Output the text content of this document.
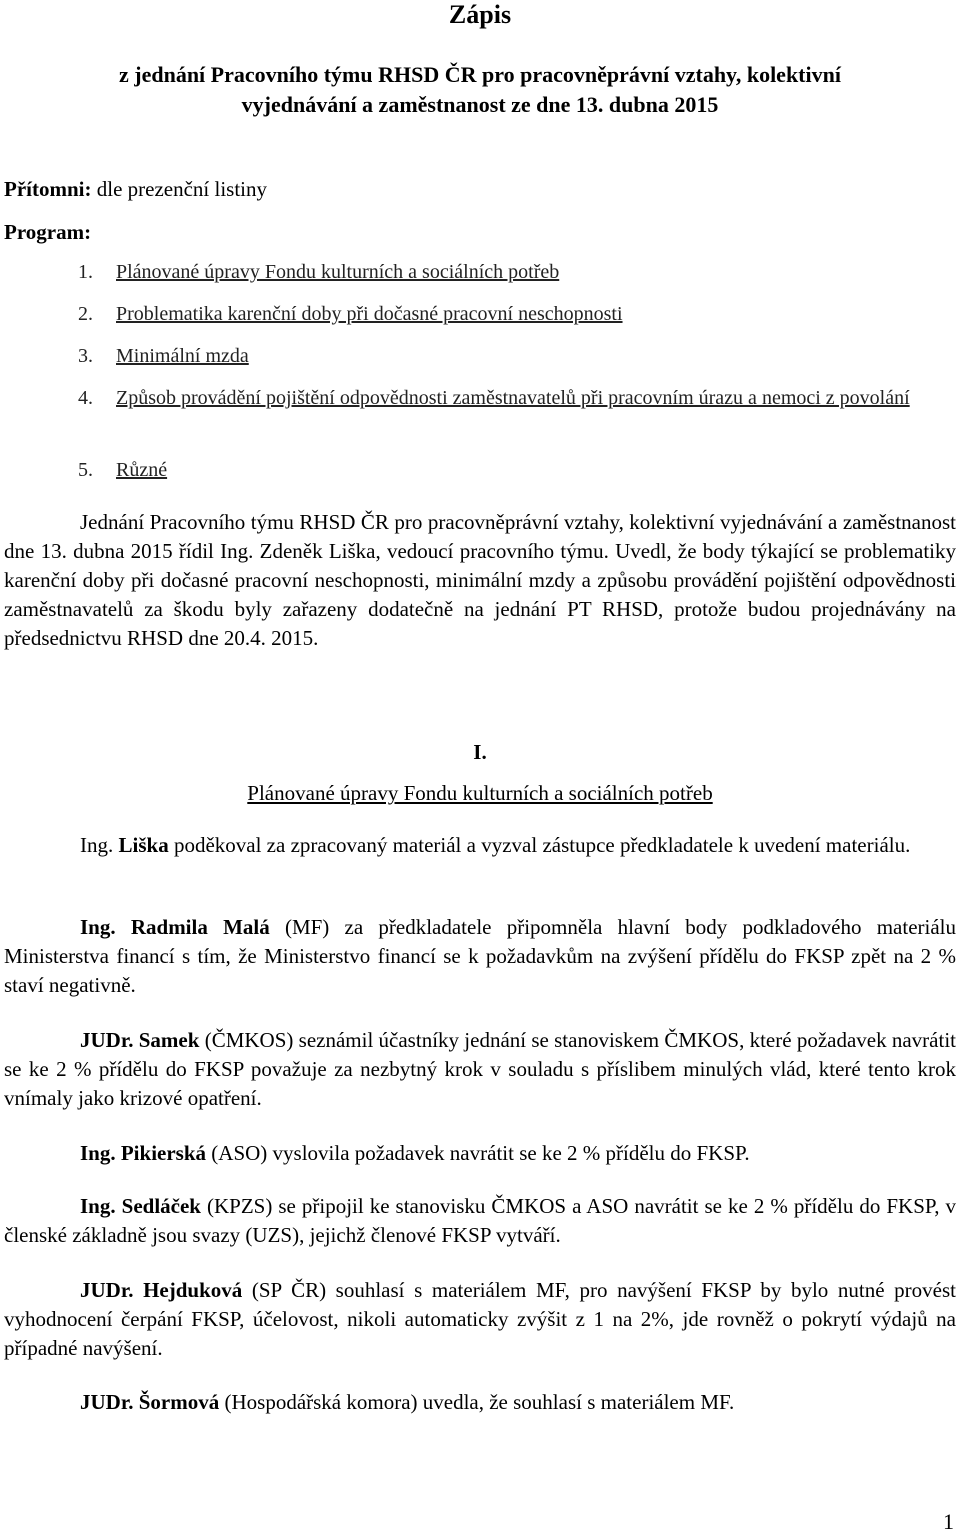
Zápis
z jednání Pracovního týmu RHSD ČR pro pracovněprávní vztahy, kolektivní vyjednávání a zaměstnanost ze dne 13. dubna 2015
Přítomni: dle prezenční listiny
Program:
1. Plánované úpravy Fondu kulturních a sociálních potřeb
2. Problematika karenční doby při dočasné pracovní neschopnosti
3. Minimální mzda
4. Způsob provádění pojištění odpovědnosti zaměstnavatelů při pracovním úrazu a nemoci z povolání
5. Různé

Jednání Pracovního týmu RHSD ČR pro pracovněprávní vztahy, kolektivní vyjednávání a zaměstnanost dne 13. dubna 2015 řídil Ing. Zdeněk Liška, vedoucí pracovního týmu. Uvedl, že body týkající se problematiky karenční doby při dočasné pracovní neschopnosti, minimální mzdy a způsobu provádění pojištění odpovědnosti zaměstnavatelů za škodu byly zařazeny dodatečně na jednání PT RHSD, protože budou projednávány na předsednictvu RHSD dne 20.4. 2015.

I.
Plánované úpravy Fondu kulturních a sociálních potřeb

Ing. Liška poděkoval za zpracovaný materiál a vyzval zástupce předkladatele k uvedení materiálu.

Ing. Radmila Malá (MF) za předkladatele připomněla hlavní body podkladového materiálu Ministerstva financí s tím, že Ministerstvo financí se k požadavkům na zvýšení přídělu do FKSP zpět na 2 % staví negativně.

JUDr. Samek (ČMKOS) seznámil účastníky jednání se stanoviskem ČMKOS, které požadavek navrátit se ke 2 % přídělu do FKSP považuje za nezbytný krok v souladu s příslibem minulých vlád, které tento krok vnímaly jako krizové opatření.

Ing. Pikierská (ASO) vyslovila požadavek navrátit se ke 2 % přídělu do FKSP.

Ing. Sedláček (KPZS) se připojil ke stanovisku ČMKOS a ASO navrátit se ke 2 % přídělu do FKSP, v členské základně jsou svazy (UZS), jejichž členové FKSP vytváří.

JUDr. Hejduková (SP ČR) souhlasí s materiálem MF, pro navýšení FKSP by bylo nutné provést vyhodnocení čerpání FKSP, účelovost, nikoli automaticky zvýšit z 1 na 2%, jde rovněž o pokrytí výdajů na případné navýšení.

JUDr. Šormová (Hospodářská komora) uvedla, že souhlasí s materiálem MF.

1
